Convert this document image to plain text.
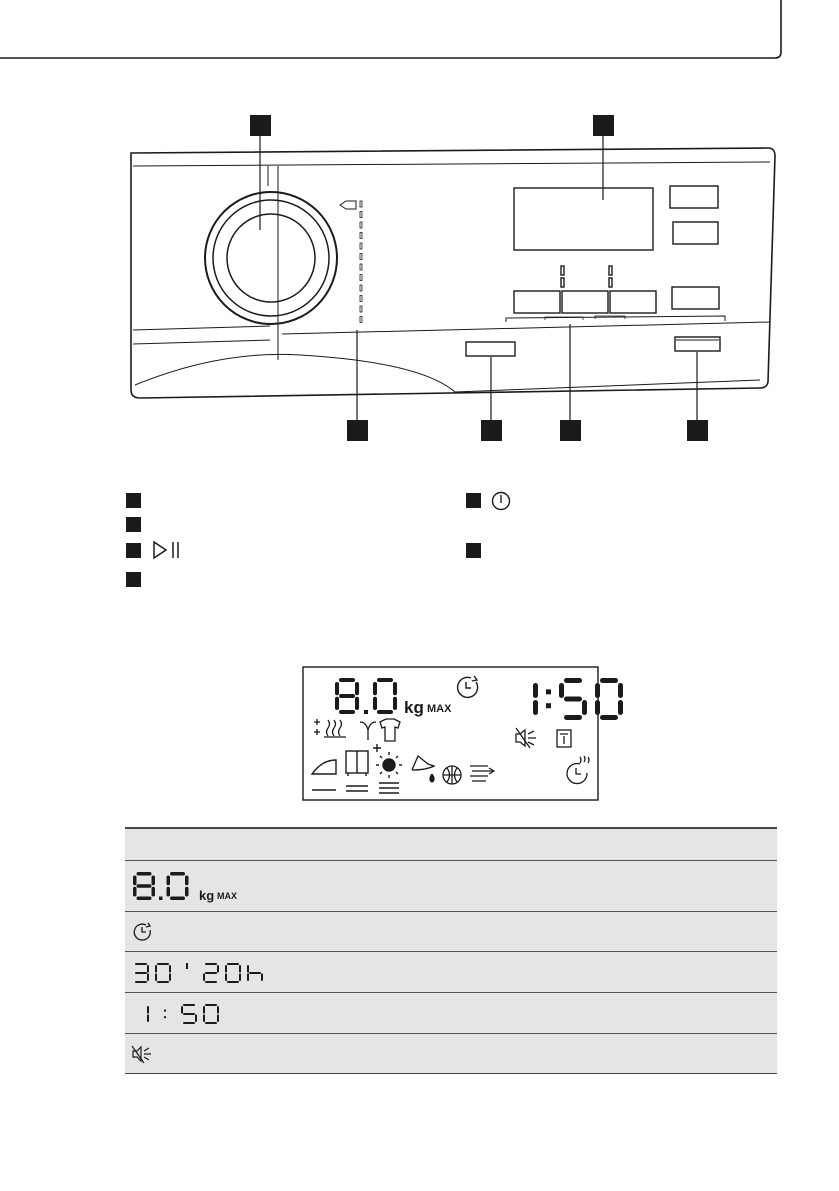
kg MAX
kg MAX
